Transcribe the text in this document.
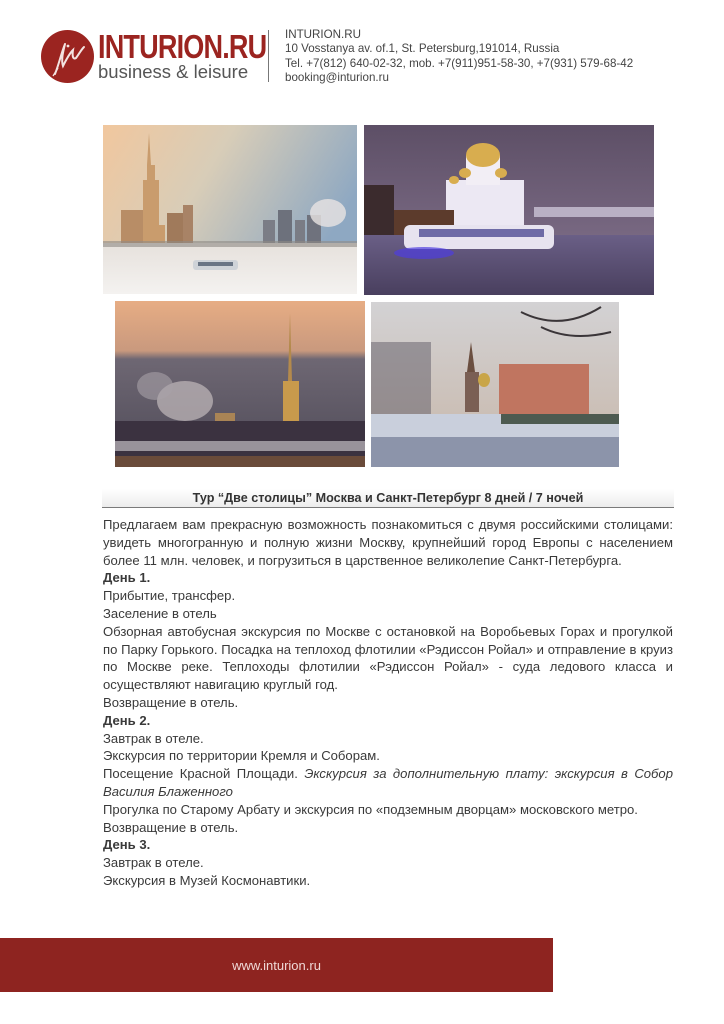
INTURION.RU
business & leisure
INTURION.RU
10 Vosstanya av. of.1, St. Petersburg,191014, Russia
Tel. +7(812) 640-02-32, mob. +7(911)951-58-30, +7(931) 579-68-42
booking@inturion.ru
Тур “Две столицы” Москва и Санкт-Петербург 8 дней / 7 ночей

Предлагаем вам прекрасную возможность познакомиться с двумя российскими столицами: увидеть многогранную и полную жизни Москву, крупнейший город Европы с населением более 11 млн. человек, и погрузиться в царственное великолепие Санкт-Петербурга.

День 1.

Прибытие, трансфер.

Заселение в отель

Обзорная автобусная экскурсия по Москве с остановкой на Воробьевых Горах и прогулкой по Парку Горького. Посадка на теплоход флотилии «Рэдиссон Ройал» и отправление в круиз по Москве реке. Теплоходы флотилии «Рэдиссон Ройал» - суда ледового класса и осуществляют навигацию круглый год.

Возвращение в отель.

День 2.

Завтрак в отеле.

Экскурсия по территории Кремля и Соборам.

Посещение Красной Площади. Экскурсия за дополнительную плату: экскурсия в Собор Василия Блаженного

Прогулка по Старому Арбату и экскурсия по «подземным дворцам» московского метро.

Возвращение в отель.

День 3.

Завтрак в отеле.

Экскурсия в Музей Космонавтики.

www.inturion.ru
